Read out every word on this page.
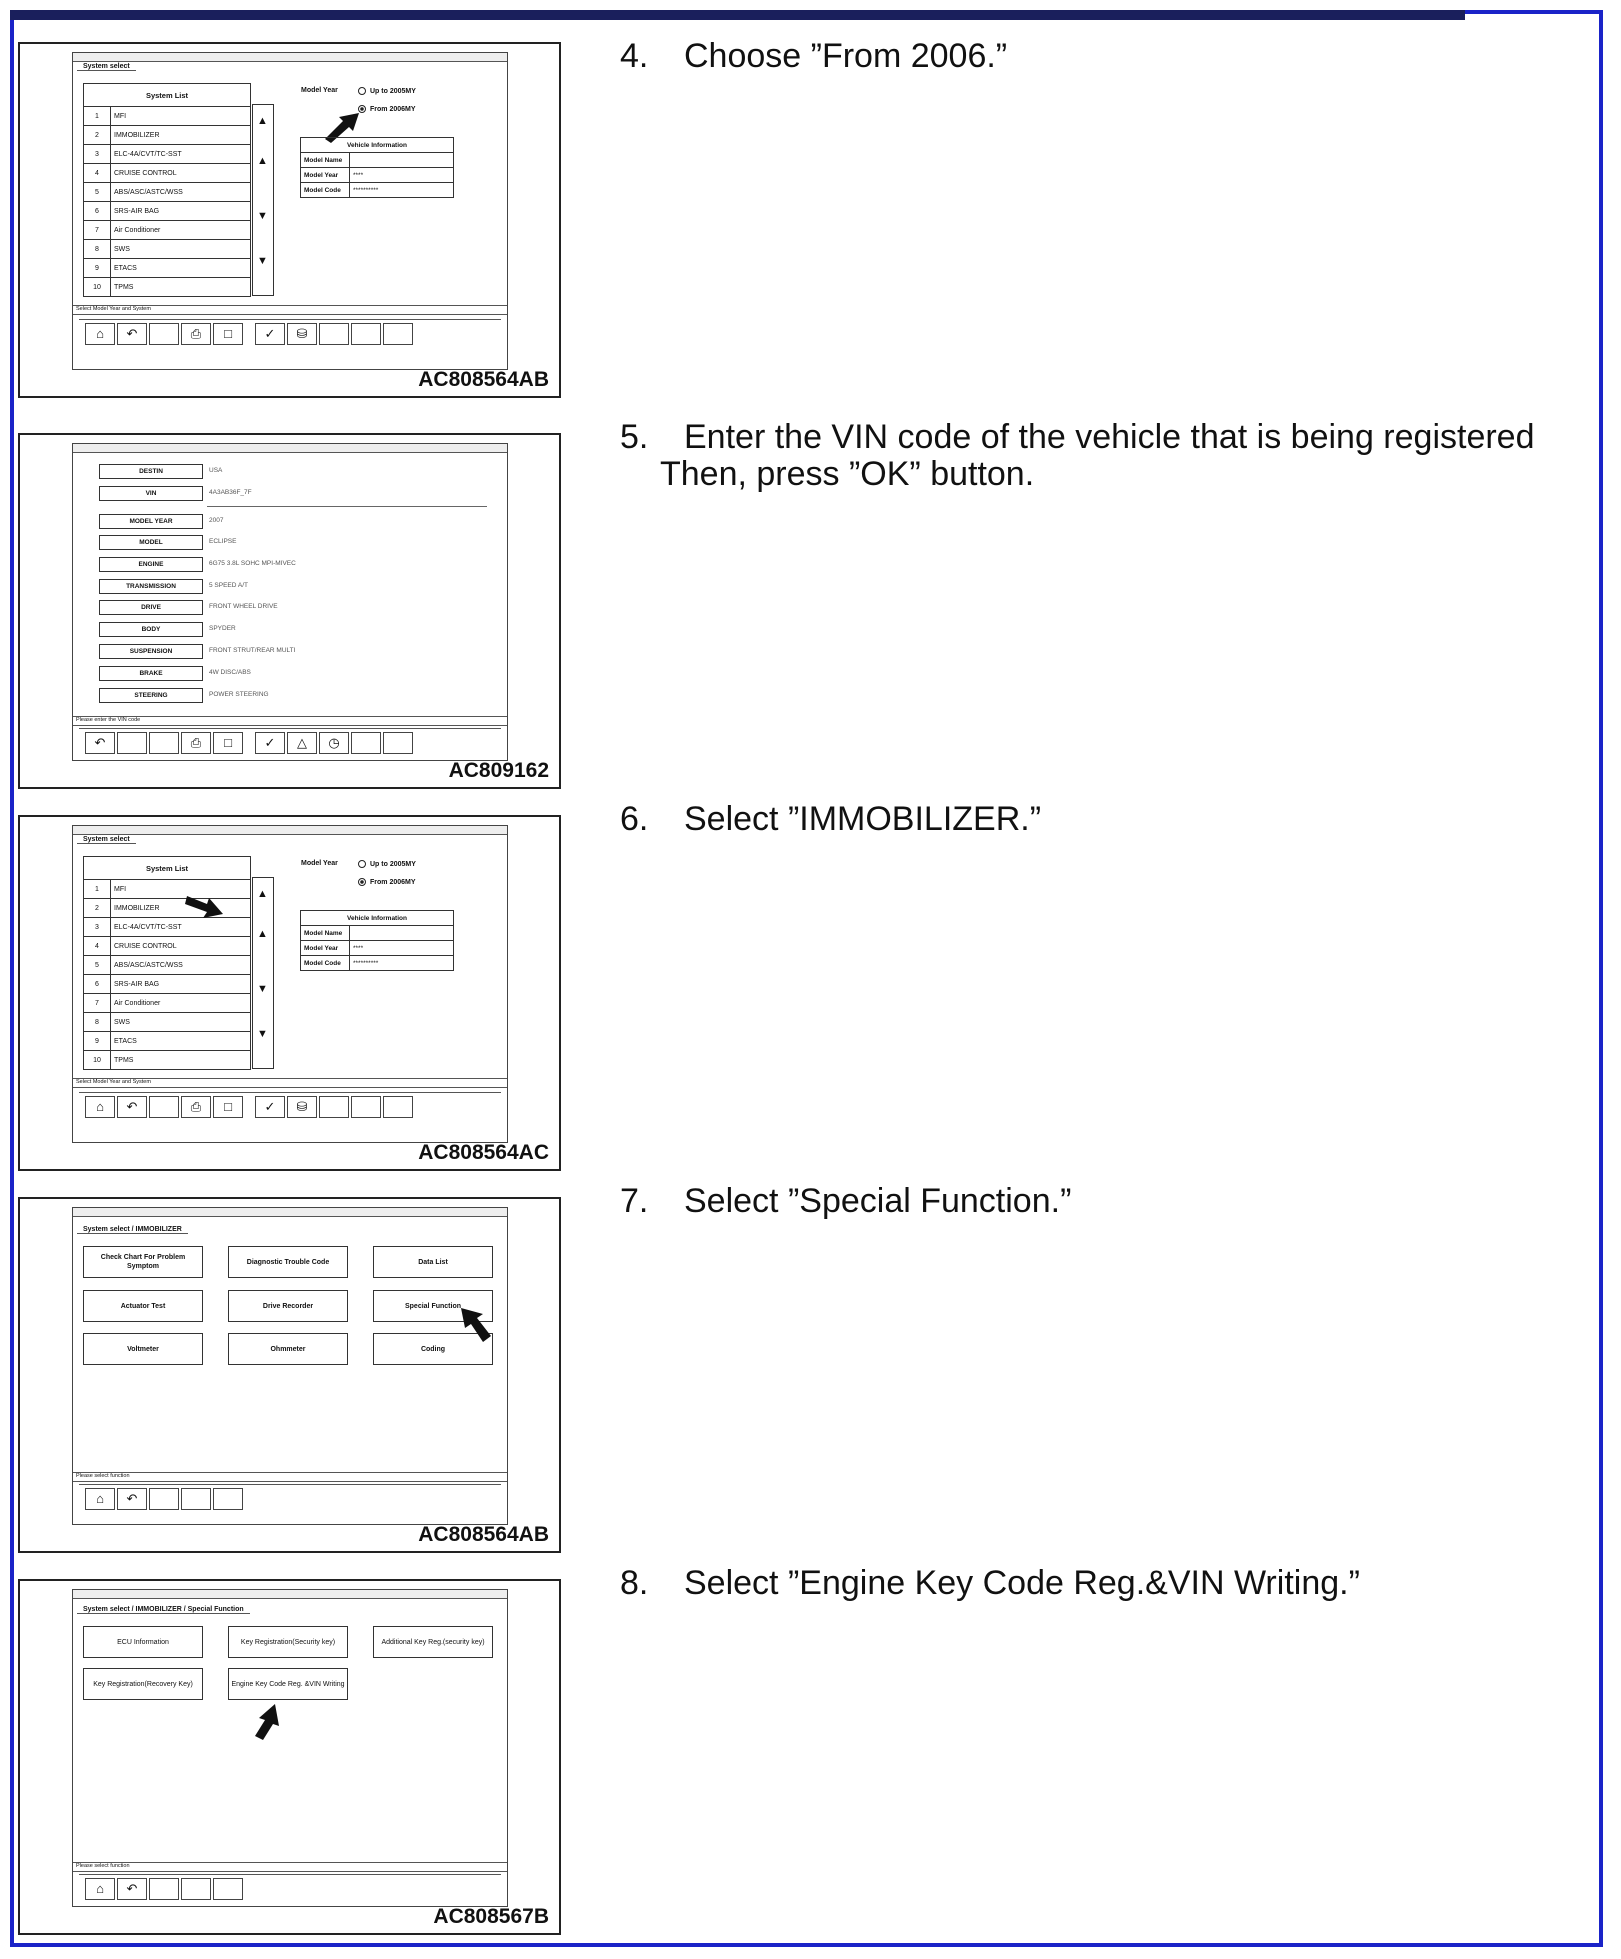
System select
System List	
1	MFI
2	IMMOBILIZER
3	ELC-4A/CVT/TC-SST
4	CRUISE CONTROL
5	ABS/ASC/ASTC/WSS
6	SRS-AIR BAG
7	Air Conditioner
8	SWS
9	ETACS
10	TPMS
▲
▲
▼
▼
Model Year	Up to 2005MY
From 2006MY
Vehicle Information	
Model Name	
Model Year	****
Model Code	**********
Select Model Year and System
⌂	↶	⎙	□	✓	⛁
AC808564AB
4. Choose ”From 2006.”
DESTIN	USA
VIN	4A3AB36F_7F
MODEL YEAR	2007
MODEL	ECLIPSE
ENGINE	6G75 3.8L SOHC MPI-MIVEC
TRANSMISSION	5 SPEED A/T
DRIVE	FRONT WHEEL DRIVE
BODY	SPYDER
SUSPENSION	FRONT STRUT/REAR MULTI
BRAKE	4W DISC/ABS
STEERING	POWER STEERING
Please enter the VIN code
↶	⎙	□	✓	△	◷
AC809162
5. Enter the VIN code of the vehicle that is being registered
Then, press ”OK” button.
System select
System List	
1	MFI
2	IMMOBILIZER
3	ELC-4A/CVT/TC-SST
4	CRUISE CONTROL
5	ABS/ASC/ASTC/WSS
6	SRS-AIR BAG
7	Air Conditioner
8	SWS
9	ETACS
10	TPMS
▲
▲
▼
▼
Model Year	Up to 2005MY
From 2006MY
Vehicle Information	
Model Name	
Model Year	****
Model Code	**********
Select Model Year and System
⌂	↶	⎙	□	✓	⛁
AC808564AC
6. Select ”IMMOBILIZER.”
System select / IMMOBILIZER
Check Chart For Problem Symptom
Diagnostic Trouble Code	Data List
Actuator Test	Drive Recorder	Special Function
Voltmeter	Ohmmeter	Coding
Please select function
⌂	↶
AC808564AB
7. Select ”Special Function.”
System select / IMMOBILIZER / Special Function
ECU Information	Key Registration(Security key)	Additional Key Reg.(security key)
Key Registration(Recovery Key)	Engine Key Code Reg. &VIN Writing
Please select function
⌂	↶
AC808567B
8. Select ”Engine Key Code Reg.&VIN Writing.”
